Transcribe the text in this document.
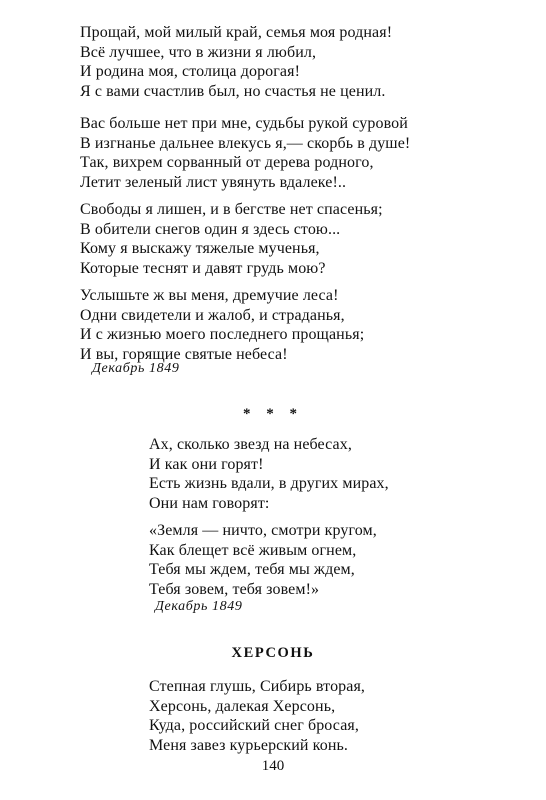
Прощай, мой милый край, семья моя родная!
Всё лучшее, что в жизни я любил,
И родина моя, столица дорогая!
Я с вами счастлив был, но счастья не ценил.
Вас больше нет при мне, судьбы рукой суровой
В изгнанье дальнее влекусь я,— скорбь в душе!
Так, вихрем сорванный от дерева родного,
Летит зеленый лист увянуть вдалеке!..
Свободы я лишен, и в бегстве нет спасенья;
В обители снегов один я здесь стою...
Кому я выскажу тяжелые мученья,
Которые теснят и давят грудь мою?
Услышьте ж вы меня, дремучие леса!
Одни свидетели и жалоб, и страданья,
И с жизнью моего последнего прощанья;
И вы, горящие святые небеса!
Декабрь 1849
* * *
Ах, сколько звезд на небесах,
И как они горят!
Есть жизнь вдали, в других мирах,
Они нам говорят:
«Земля — ничто, смотри кругом,
Как блещет всё живым огнем,
Тебя мы ждем, тебя мы ждем,
Тебя зовем, тебя зовем!»
Декабрь 1849
ХЕРСОНЬ
Степная глушь, Сибирь вторая,
Херсонь, далекая Херсонь,
Куда, российский снег бросая,
Меня завез курьерский конь.
140
